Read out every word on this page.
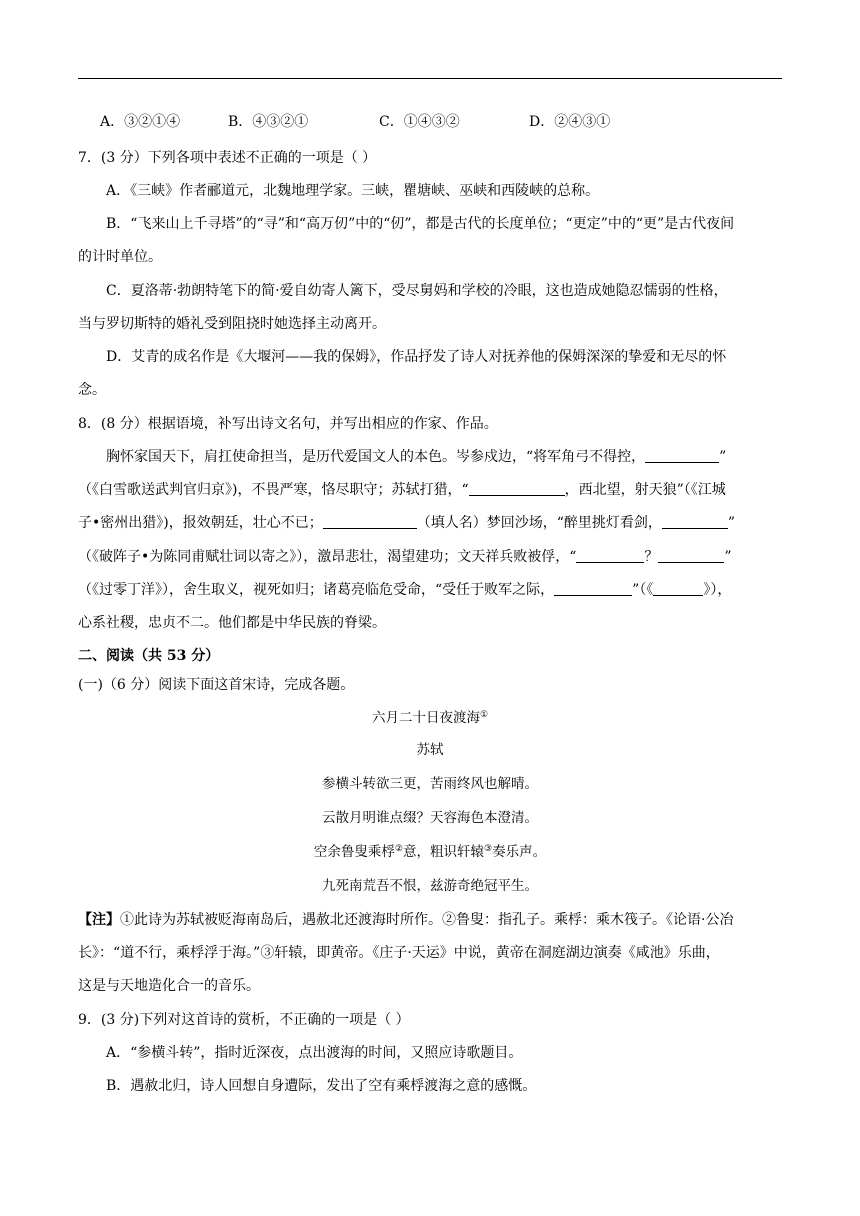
A．③②①④	B．④③②①	C．①④③②	D．②④③①
7．(3 分）下列各项中表述不正确的一项是（ ）
A．《三峡》作者郦道元，北魏地理学家。三峡，瞿塘峡、巫峡和西陵峡的总称。
B．“飞来山上千寻塔”的“寻”和“高万仞”中的“仞”，都是古代的长度单位；“更定”中的“更”是古代夜间
的计时单位。
C．夏洛蒂·勃朗特笔下的简·爱自幼寄人篱下，受尽舅妈和学校的冷眼，这也造成她隐忍懦弱的性格，
当与罗切斯特的婚礼受到阻挠时她选择主动离开。
D．艾青的成名作是《大堰河——我的保姆》，作品抒发了诗人对抚养他的保姆深深的挚爱和无尽的怀
念。
8．(8 分）根据语境，补写出诗文名句，并写出相应的作家、作品。
胸怀家国天下，肩扛使命担当，是历代爱国文人的本色。岑参戍边，“将军角弓不得控，	”
（《白雪歌送武判官归京》)，不畏严寒，恪尽职守；苏轼打猎，“	，西北望，射天狼”（《江城
子•密州出猎》)，报效朝廷，壮心不已；	（填人名）梦回沙场，“醉里挑灯看剑，	”
（《破阵子•为陈同甫赋壮词以寄之》），激昂悲壮，渴望建功；文天祥兵败被俘，“	？	”
（《过零丁洋》），舍生取义，视死如归；诸葛亮临危受命，“受任于败军之际，	”（《	》），
心系社稷，忠贞不二。他们都是中华民族的脊梁。
二、阅读（共 53 分）
(一)（6 分）阅读下面这首宋诗，完成各题。
六月二十日夜渡海①
苏轼
参横斗转欲三更，苦雨终风也解晴。
云散月明谁点缀？天容海色本澄清。
空余鲁叟乘桴②意，粗识轩辕③奏乐声。
九死南荒吾不恨，兹游奇绝冠平生。
【注】①此诗为苏轼被贬海南岛后，遇赦北还渡海时所作。②鲁叟：指孔子。乘桴：乘木筏子。《论语·公冶
长》：“道不行，乘桴浮于海。”③轩辕，即黄帝。《庄子·天运》中说，黄帝在洞庭湖边演奏《咸池》乐曲，
这是与天地造化合一的音乐。
9．(3 分)下列对这首诗的赏析，不正确的一项是（ ）
A．“参横斗转”，指时近深夜，点出渡海的时间，又照应诗歌题目。
B．遇赦北归，诗人回想自身遭际，发出了空有乘桴渡海之意的感慨。
